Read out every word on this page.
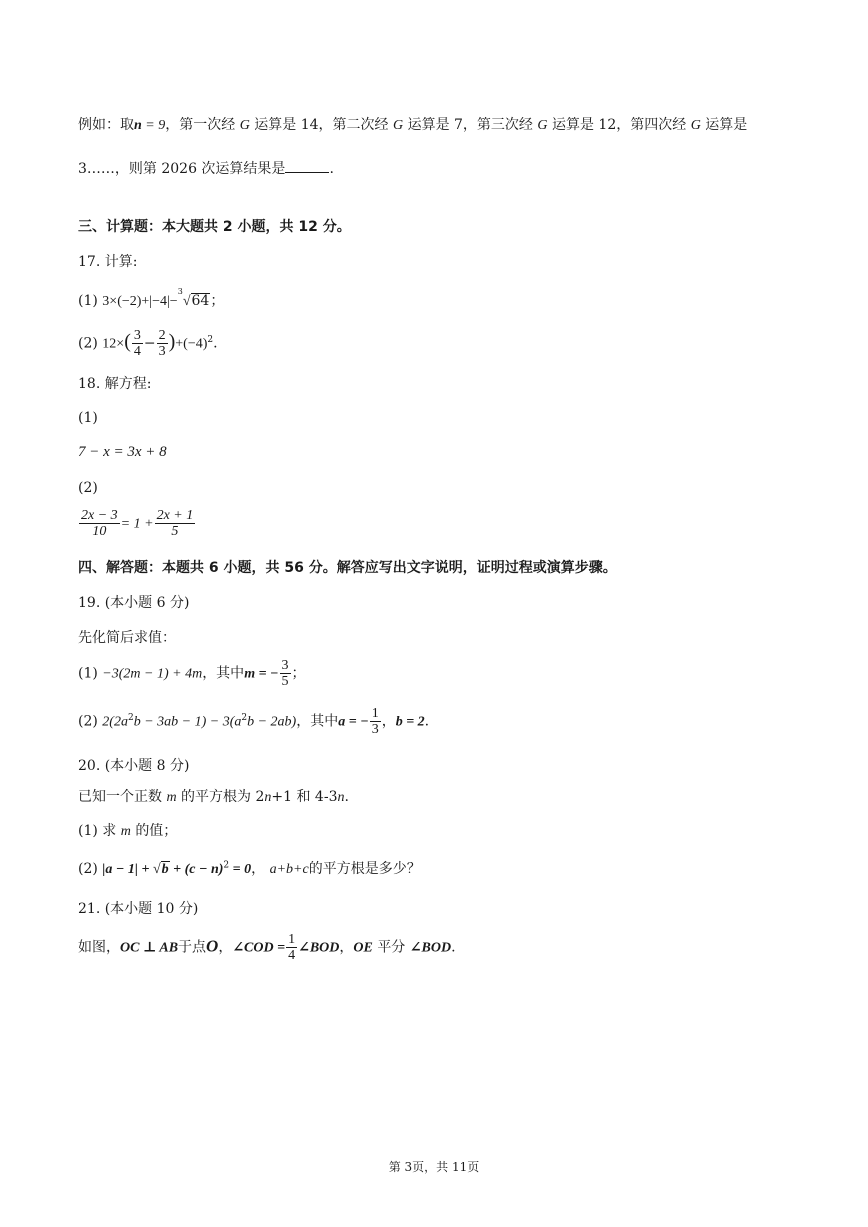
例如：取n = 9，第一次经 G 运算是 14，第二次经 G 运算是 7，第三次经 G 运算是 12，第四次经 G 运算是
3……，则第 2026 次运算结果是	.
三、计算题：本大题共 2 小题，共 12 分。
17. 计算:
(1) 3×(−2)+|−4|−$^3$√64；
(2) $12\times( \frac{3}{4} - \frac{2}{3} )+(-4)^2$.
18. 解方程:
(1)
7 − x = 3x + 8
(2)
$\frac{2x - 3}{10} = 1 + \frac{2x + 1}{5}$
四、解答题：本题共 6 小题，共 56 分。解答应写出文字说明，证明过程或演算步骤。
19. (本小题 6 分)
先化简后求值：
(1) −3(2m − 1) + 4m，其中m = − $\frac{3}{5}$ ；
(2) $2(2a^2b - 3ab - 1) - 3(a^2b - 2ab)$，其中a = − $\frac{1}{3}$ ，b = 2.
20. (本小题 8 分)
已知一个正数 m 的平方根为 2n+1 和 4-3n.
(1) 求 m 的值；
(2) $|a - 1| + √b + (c - n)^2 = 0$， a+b+c的平方根是多少？
21. (本小题 10 分)
如图，OC ⊥ AB于点O，∠COD = $\frac{1}{4}$ ∠BOD，OE 平分 ∠BOD.
第 3页，共 11页
